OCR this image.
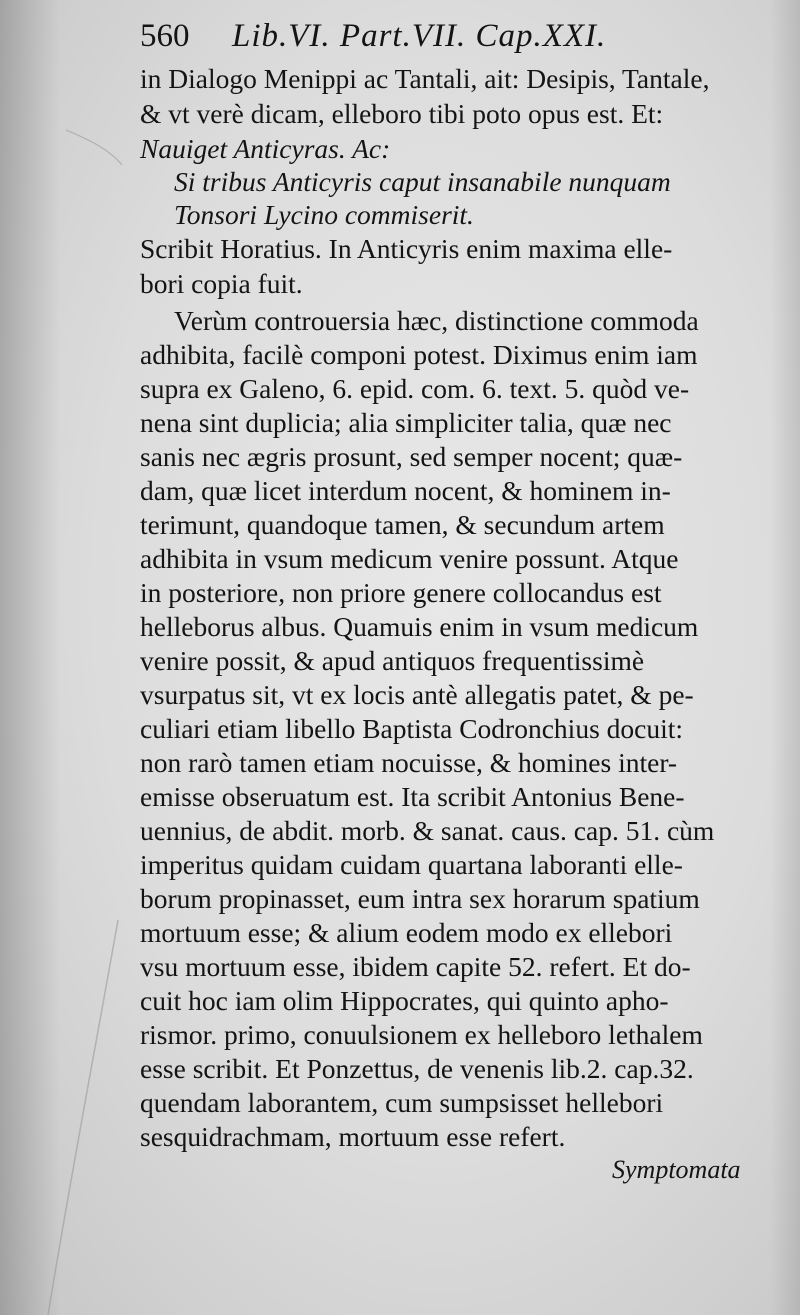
560 Lib.VI. Part.VII. Cap.XXI.
in Dialogo Menippi ac Tantali, ait: Desipis, Tantale,
& vt verè dicam, elleboro tibi poto opus est. Et:
Nauiget Anticyras. Ac:
Si tribus Anticyris caput insanabile nunquam
Tonsori Lycino commiserit.
Scribit Horatius. In Anticyris enim maxima elle-
bori copia fuit.
Verùm controuersia hæc, distinctione commoda
adhibita, facilè componi potest. Diximus enim iam
supra ex Galeno, 6. epid. com. 6. text. 5. quòd ve-
nena sint duplicia; alia simpliciter talia, quæ nec
sanis nec ægris prosunt, sed semper nocent; quæ-
dam, quæ licet interdum nocent, & hominem in-
terimunt, quandoque tamen, & secundum artem
adhibita in vsum medicum venire possunt. Atque
in posteriore, non priore genere collocandus est
helleborus albus. Quamuis enim in vsum medicum
venire possit, & apud antiquos frequentissimè
vsurpatus sit, vt ex locis antè allegatis patet, & pe-
culiari etiam libello Baptista Codronchius docuit:
non rarò tamen etiam nocuisse, & homines inter-
emisse obseruatum est. Ita scribit Antonius Bene-
uennius, de abdit. morb. & sanat. caus. cap. 51. cùm
imperitus quidam cuidam quartana laboranti elle-
borum propinasset, eum intra sex horarum spatium
mortuum esse; & alium eodem modo ex ellebori
vsu mortuum esse, ibidem capite 52. refert. Et do-
cuit hoc iam olim Hippocrates, qui quinto apho-
rismor. primo, conuulsionem ex helleboro lethalem
esse scribit. Et Ponzettus, de venenis lib.2. cap.32.
quendam laborantem, cum sumpsisset hellebori
sesquidrachmam, mortuum esse refert.
Symptomata
